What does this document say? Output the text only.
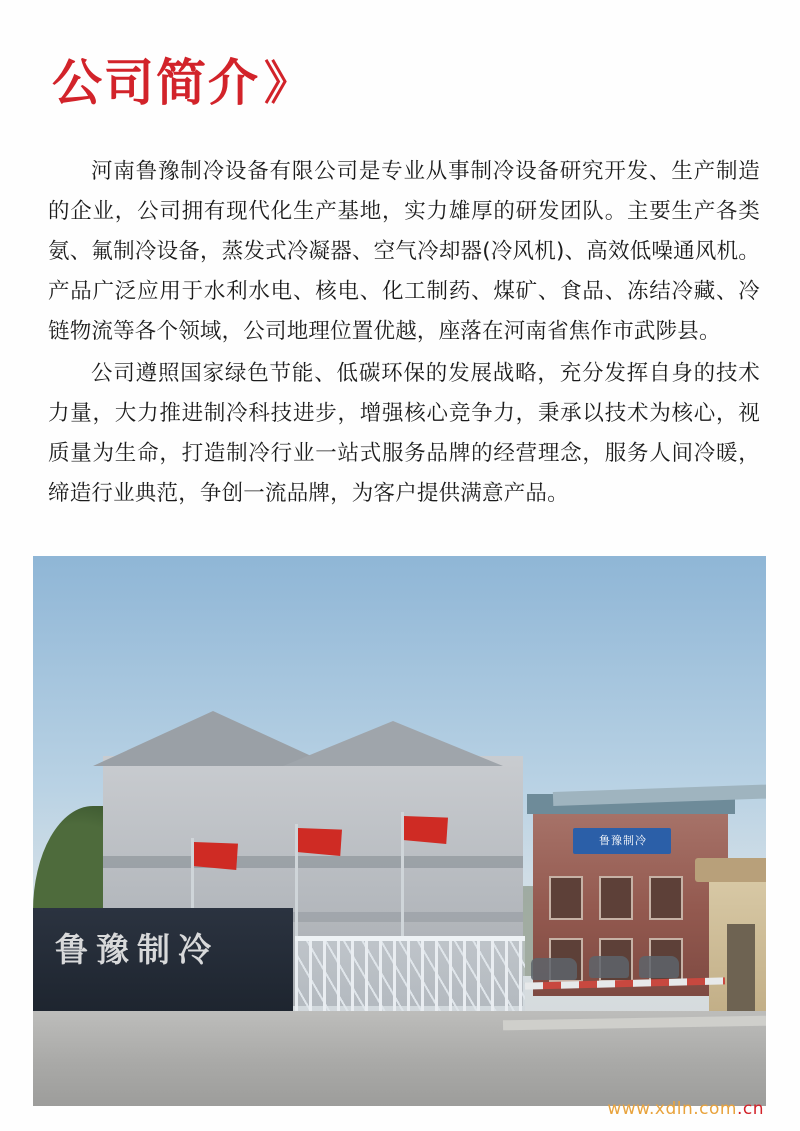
公司简介 》

河南鲁豫制冷设备有限公司是专业从事制冷设备研究开发、生产制造的企业，公司拥有现代化生产基地，实力雄厚的研发团队。主要生产各类氨、氟制冷设备，蒸发式冷凝器、空气冷却器(冷风机)、高效低噪通风机。产品广泛应用于水利水电、核电、化工制药、煤矿、食品、冻结冷藏、冷链物流等各个领域，公司地理位置优越，座落在河南省焦作市武陟县。

公司遵照国家绿色节能、低碳环保的发展战略，充分发挥自身的技术力量，大力推进制冷科技进步，增强核心竞争力，秉承以技术为核心，视质量为生命，打造制冷行业一站式服务品牌的经营理念，服务人间冷暖，缔造行业典范，争创一流品牌，为客户提供满意产品。

鲁豫制冷
鲁豫制冷
www.xdln.com.cn
